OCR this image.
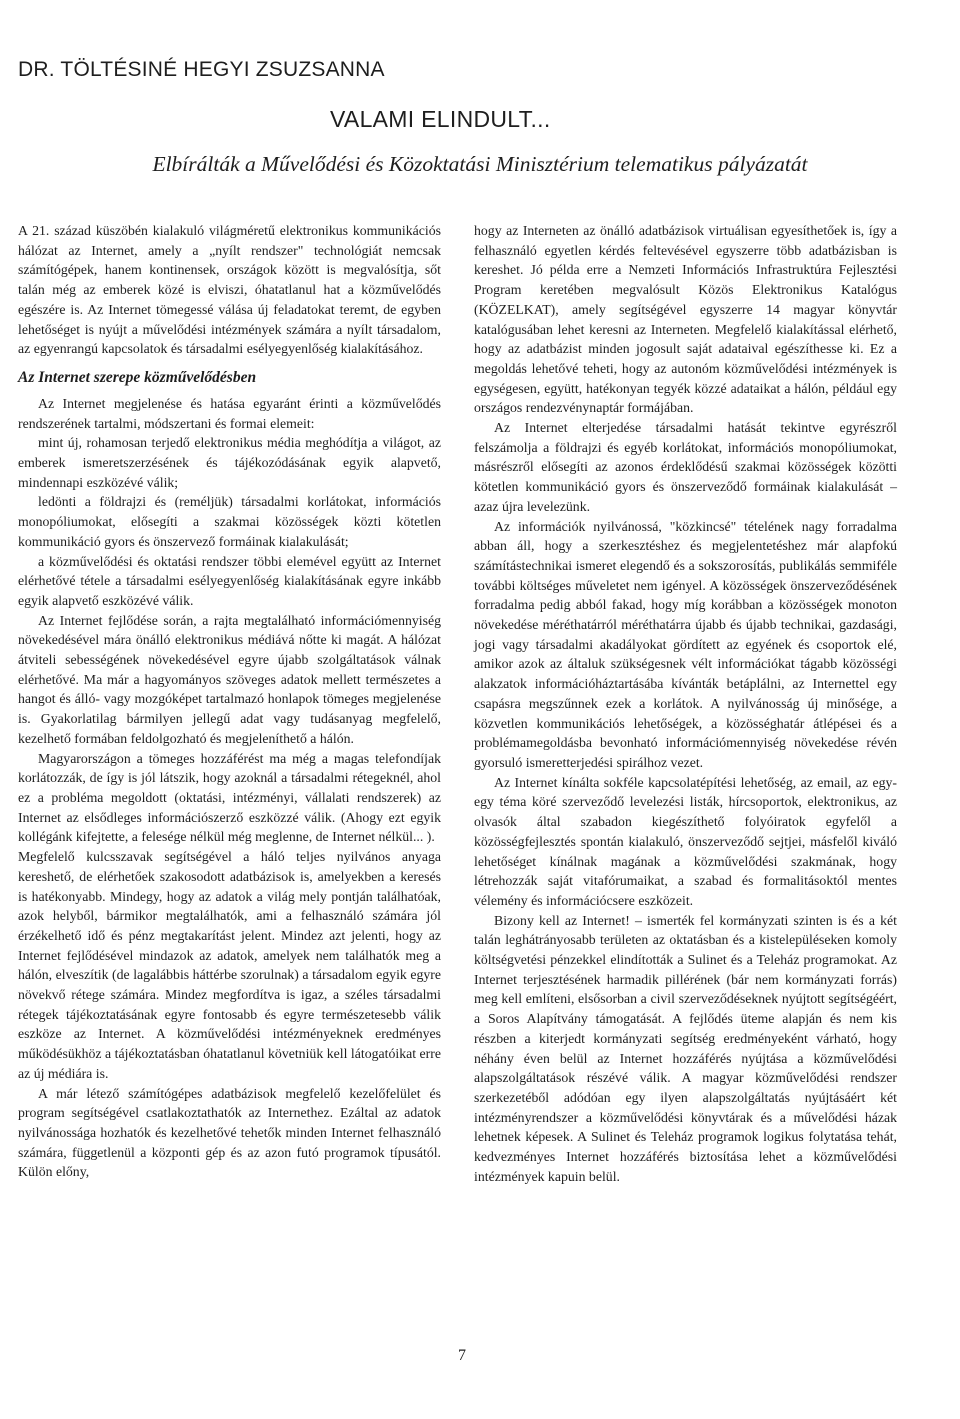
DR. TÖLTÉSINÉ HEGYI ZSUZSANNA
VALAMI ELINDULT...
Elbírálták a Művelődési és Közoktatási Minisztérium telematikus pályázatát

A 21. század küszöbén kialakuló világméretű elektronikus kommunikációs hálózat az Internet, amely a „nyílt rendszer" technológiát nemcsak számítógépek, hanem kontinensek, országok között is megvalósítja, sőt talán még az emberek közé is elviszi, óhatatlanul hat a közművelődés egészére is. Az Internet tömegessé válása új feladatokat teremt, de egyben lehetőséget is nyújt a művelődési intézmények számára a nyílt társadalom, az egyenrangú kapcsolatok és társadalmi esélyegyenlőség kialakításához.

Az Internet szerepe közművelődésben

Az Internet megjelenése és hatása egyaránt érinti a közművelődés rendszerének tartalmi, módszertani és formai elemeit:

mint új, rohamosan terjedő elektronikus média meghódítja a világot, az emberek ismeretszerzésének és tájékozódásának egyik alapvető, mindennapi eszközévé válik;

ledönti a földrajzi és (reméljük) társadalmi korlátokat, információs monopóliumokat, elősegíti a szakmai közösségek közti kötetlen kommunikáció gyors és önszervező formáinak kialakulását;

a közművelődési és oktatási rendszer többi elemével együtt az Internet elérhetővé tétele a társadalmi esélyegyenlőség kialakításának egyre inkább egyik alapvető eszközévé válik.

Az Internet fejlődése során, a rajta megtalálható információmennyiség növekedésével mára önálló elektronikus médiává nőtte ki magát. A hálózat átviteli sebességének növekedésével egyre újabb szolgáltatások válnak elérhetővé. Ma már a hagyományos szöveges adatok mellett természetes a hangot és álló- vagy mozgóképet tartalmazó honlapok tömeges megjelenése is. Gyakorlatilag bármilyen jellegű adat vagy tudásanyag megfelelő, kezelhető formában feldolgozható és megjeleníthető a hálón.

Magyarországon a tömeges hozzáférést ma még a magas telefondíjak korlátozzák, de így is jól látszik, hogy azoknál a társadalmi rétegeknél, ahol ez a probléma megoldott (oktatási, intézményi, vállalati rendszerek) az Internet az elsődleges információszerző eszközzé válik. (Ahogy ezt egyik kollégánk kifejtette, a felesége nélkül még meglenne, de Internet nélkül... ).

Megfelelő kulcsszavak segítségével a háló teljes nyilvános anyaga kereshető, de elérhetőek szakosodott adatbázisok is, amelyekben a keresés is hatékonyabb. Mindegy, hogy az adatok a világ mely pontján találhatóak, azok helyből, bármikor megtalálhatók, ami a felhasználó számára jól érzékelhető idő és pénz megtakarítást jelent. Mindez azt jelenti, hogy az Internet fejlődésével mindazok az adatok, amelyek nem találhatók meg a hálón, elveszítik (de lagalábbis háttérbe szorulnak) a társadalom egyik egyre növekvő rétege számára. Mindez megfordítva is igaz, a széles társadalmi rétegek tájékoztatásának egyre fontosabb és egyre természetesebb válik eszköze az Internet. A közművelődési intézményeknek eredményes működésükhöz a tájékoztatásban óhatatlanul követniük kell látogatóikat erre az új médiára is.

A már létező számítógépes adatbázisok megfelelő kezelőfelület és program segítségével csatlakoztathatók az Internethez. Ezáltal az adatok nyilvánossága hozhatók és kezelhetővé tehetők minden Internet felhasználó számára, függetlenül a központi gép és az azon futó programok típusától. Külön előny,

hogy az Interneten az önálló adatbázisok virtuálisan egyesíthetőek is, így a felhasználó egyetlen kérdés feltevésével egyszerre több adatbázisban is kereshet. Jó példa erre a Nemzeti Információs Infrastruktúra Fejlesztési Program keretében megvalósult Közös Elektronikus Katalógus (KÖZELKAT), amely segítségével egyszerre 14 magyar könyvtár katalógusában lehet keresni az Interneten. Megfelelő kialakítással elérhető, hogy az adatbázist minden jogosult saját adataival egészíthesse ki. Ez a megoldás lehetővé teheti, hogy az autonóm közművelődési intézmények is egységesen, együtt, hatékonyan tegyék közzé adataikat a hálón, például egy országos rendezvénynaptár formájában.

Az Internet elterjedése társadalmi hatását tekintve egyrészről felszámolja a földrajzi és egyéb korlátokat, információs monopóliumokat, másrészről elősegíti az azonos érdeklődésű szakmai közösségek közötti kötetlen kommunikáció gyors és önszerveződő formáinak kialakulását – azaz újra levelezünk.

Az információk nyilvánossá, "közkincsé" tételének nagy forradalma abban áll, hogy a szerkesztéshez és megjelentetéshez már alapfokú számítástechnikai ismeret elegendő és a sokszorosítás, publikálás semmiféle további költséges műveletet nem igényel. A közösségek önszerveződésének forradalma pedig abból fakad, hogy míg korábban a közösségek monoton növekedése méréthatárról méréthatárra újabb és újabb technikai, gazdasági, jogi vagy társadalmi akadályokat gördített az egyének és csoportok elé, amikor azok az általuk szükségesnek vélt információkat tágabb közösségi alakzatok információháztartásába kívánták betáplálni, az Internettel egy csapásra megszűnnek ezek a korlátok. A nyilvánosság új minősége, a közvetlen kommunikációs lehetőségek, a közösséghatár átlépései és a problémamegoldásba bevonható információmennyiség növekedése révén gyorsuló ismeretterjedési spirálhoz vezet.

Az Internet kínálta sokféle kapcsolatépítési lehetőség, az email, az egy-egy téma köré szerveződő levelezési listák, hírcsoportok, elektronikus, az olvasók által szabadon kiegészíthető folyóiratok egyfelől a közösségfejlesztés spontán kialakuló, önszerveződő sejtjei, másfelől kiváló lehetőséget kínálnak magának a közművelődési szakmának, hogy létrehozzák saját vitafórumaikat, a szabad és formalitásoktól mentes vélemény és információcsere eszközeit.

Bizony kell az Internet! – ismerték fel kormányzati szinten is és a két talán leghátrányosabb területen az oktatásban és a kistelepüléseken komoly költségvetési pénzekkel elindították a Sulinet és a Teleház programokat. Az Internet terjesztésének harmadik pillérének (bár nem kormányzati forrás) meg kell említeni, elsősorban a civil szerveződéseknek nyújtott segítségéért, a Soros Alapítvány támogatását. A fejlődés üteme alapján és nem kis részben a kiterjedt kormányzati segítség eredményeként várható, hogy néhány éven belül az Internet hozzáférés nyújtása a közművelődési alapszolgáltatások részévé válik. A magyar közművelődési rendszer szerkezetéből adódóan egy ilyen alapszolgáltatás nyújtásáért két intézményrendszer a közművelődési könyvtárak és a művelődési házak lehetnek képesek. A Sulinet és Teleház programok logikus folytatása tehát, kedvezményes Internet hozzáférés biztosítása lehet a közművelődési intézmények kapuin belül.

7
